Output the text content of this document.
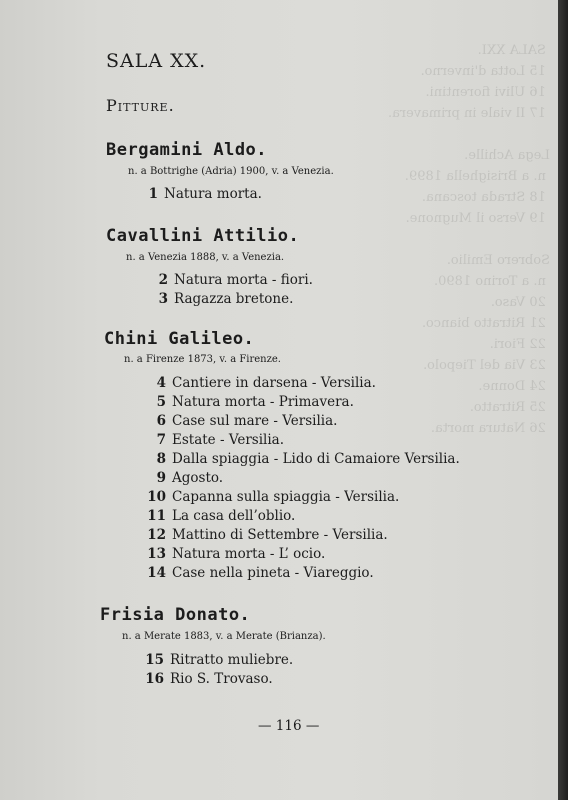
SALA XXI.
15 Lotta d'inverno.
16 Ulivi fiorentini.
17 Il viale in primavera.

Lega Achille.
n. a Brisighella 1899.
18 Strada toscana.
19 Verso il Mugnone.

Sobrero Emilio.
n. a Torino 1890.
20 Vaso.
21 Ritratto bianco.
22 Fiori.
23 Via del Tiepolo.
24 Donne.
25 Ritratto.
26 Natura morta.
SALA XX.
Pitture.
Bergamini Aldo.
n. a Bottrighe (Adria) 1900, v. a Venezia.
1 Natura morta.
Cavallini Attilio.
n. a Venezia 1888, v. a Venezia.
2 Natura morta - fiori.
3 Ragazza bretone.
Chini Galileo.
n. a Firenze 1873, v. a Firenze.
4 Cantiere in darsena - Versilia.
5 Natura morta - Primavera.
6 Case sul mare - Versilia.
7 Estate - Versilia.
8 Dalla spiaggia - Lido di Camaiore Versilia.
9 Agosto.
10 Capanna sulla spiaggia - Versilia.
11 La casa dell’oblio.
12 Mattino di Settembre - Versilia.
13 Natura morta - L’ ocio.
14 Case nella pineta - Viareggio.
Frisia Donato.
n. a Merate 1883, v. a Merate (Brianza).
15 Ritratto muliebre.
16 Rio S. Trovaso.
— 116 —
